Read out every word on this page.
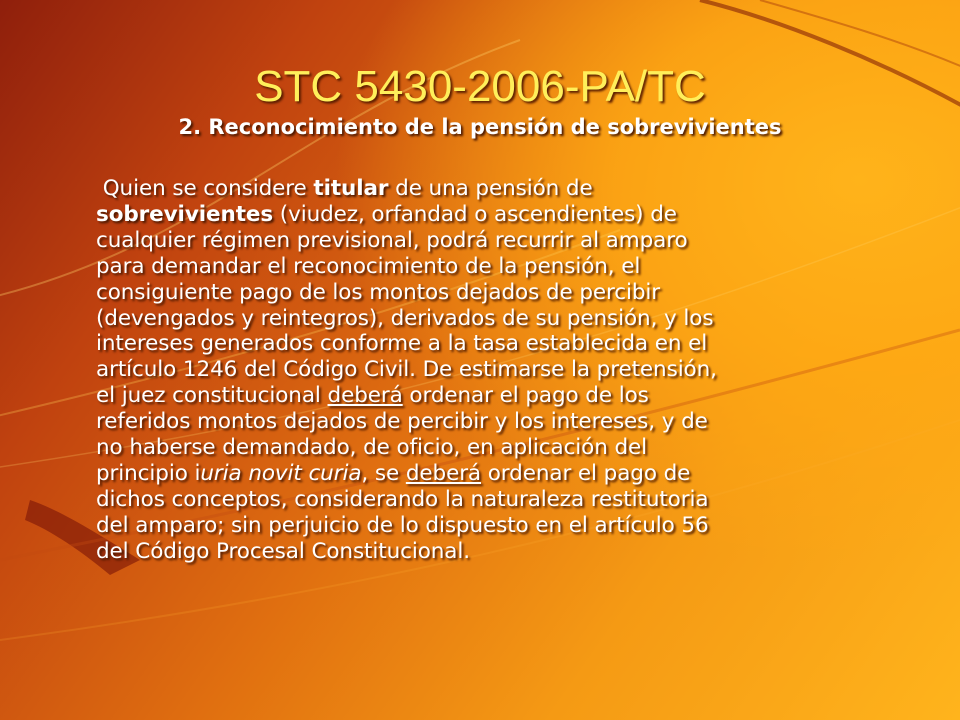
STC 5430-2006-PA/TC
2. Reconocimiento de la pensión de sobrevivientes
Quien se considere titular de una pensión de
sobrevivientes (viudez, orfandad o ascendientes) de
cualquier régimen previsional, podrá recurrir al amparo
para demandar el reconocimiento de la pensión, el
consiguiente pago de los montos dejados de percibir
(devengados y reintegros), derivados de su pensión, y los
intereses generados conforme a la tasa establecida en el
artículo 1246 del Código Civil. De estimarse la pretensión,
el juez constitucional deberá ordenar el pago de los
referidos montos dejados de percibir y los intereses, y de
no haberse demandado, de oficio, en aplicación del
principio iuria novit curia, se deberá ordenar el pago de
dichos conceptos, considerando la naturaleza restitutoria
del amparo; sin perjuicio de lo dispuesto en el artículo 56
del Código Procesal Constitucional.
